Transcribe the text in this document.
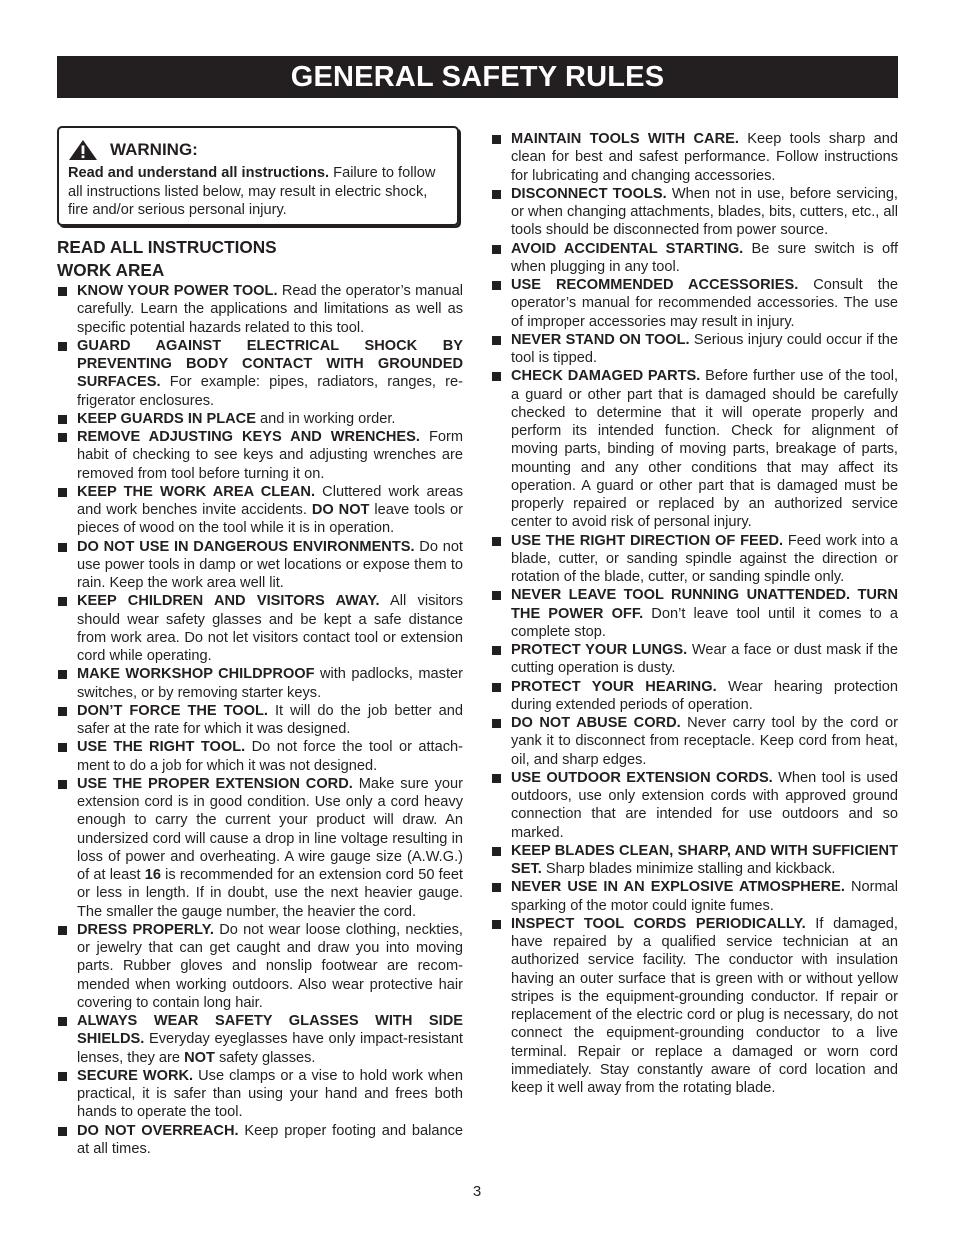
GENERAL SAFETY RULES
WARNING:
Read and understand all instructions. Failure to follow all instructions listed below, may result in electric shock, fire and/or serious personal injury.
READ ALL INSTRUCTIONS
WORK AREA
KNOW YOUR POWER TOOL. Read the operator’s manual carefully. Learn the applications and limitations as well as specific potential hazards related to this tool.
GUARD AGAINST ELECTRICAL SHOCK BY PREVENTING BODY CONTACT WITH GROUNDED SURFACES. For example: pipes, radiators, ranges, refrigerator enclosures.
KEEP GUARDS IN PLACE and in working order.
REMOVE ADJUSTING KEYS AND WRENCHES. Form habit of checking to see keys and adjusting wrenches are removed from tool before turning it on.
KEEP THE WORK AREA CLEAN. Cluttered work areas and work benches invite accidents. DO NOT leave tools or pieces of wood on the tool while it is in operation.
DO NOT USE IN DANGEROUS ENVIRONMENTS. Do not use power tools in damp or wet locations or expose them to rain. Keep the work area well lit.
KEEP CHILDREN AND VISITORS AWAY. All visitors should wear safety glasses and be kept a safe distance from work area. Do not let visitors contact tool or extension cord while operating.
MAKE WORKSHOP CHILDPROOF with padlocks, master switches, or by removing starter keys.
DON’T FORCE THE TOOL. It will do the job better and safer at the rate for which it was designed.
USE THE RIGHT TOOL. Do not force the tool or attachment to do a job for which it was not designed.
USE THE PROPER EXTENSION CORD. Make sure your extension cord is in good condition. Use only a cord heavy enough to carry the current your product will draw. An undersized cord will cause a drop in line voltage resulting in loss of power and overheating. A wire gauge size (A.W.G.) of at least 16 is recommended for an extension cord 50 feet or less in length. If in doubt, use the next heavier gauge. The smaller the gauge number, the heavier the cord.
DRESS PROPERLY. Do not wear loose clothing, neckties, or jewelry that can get caught and draw you into moving parts. Rubber gloves and nonslip footwear are recommended when working outdoors. Also wear protective hair covering to contain long hair.
ALWAYS WEAR SAFETY GLASSES WITH SIDE SHIELDS. Everyday eyeglasses have only impact-resistant lenses, they are NOT safety glasses.
SECURE WORK. Use clamps or a vise to hold work when practical, it is safer than using your hand and frees both hands to operate the tool.
DO NOT OVERREACH. Keep proper footing and balance at all times.
MAINTAIN TOOLS WITH CARE. Keep tools sharp and clean for best and safest performance. Follow instructions for lubricating and changing accessories.
DISCONNECT TOOLS. When not in use, before servicing, or when changing attachments, blades, bits, cutters, etc., all tools should be disconnected from power source.
AVOID ACCIDENTAL STARTING. Be sure switch is off when plugging in any tool.
USE RECOMMENDED ACCESSORIES. Consult the operator’s manual for recommended accessories. The use of improper accessories may result in injury.
NEVER STAND ON TOOL. Serious injury could occur if the tool is tipped.
CHECK DAMAGED PARTS. Before further use of the tool, a guard or other part that is damaged should be carefully checked to determine that it will operate properly and perform its intended function. Check for alignment of moving parts, binding of moving parts, breakage of parts, mounting and any other conditions that may affect its operation. A guard or other part that is damaged must be properly repaired or replaced by an authorized service center to avoid risk of personal injury.
USE THE RIGHT DIRECTION OF FEED. Feed work into a blade, cutter, or sanding spindle against the direction or rotation of the blade, cutter, or sanding spindle only.
NEVER LEAVE TOOL RUNNING UNATTENDED. TURN THE POWER OFF. Don’t leave tool until it comes to a complete stop.
PROTECT YOUR LUNGS. Wear a face or dust mask if the cutting operation is dusty.
PROTECT YOUR HEARING. Wear hearing protection during extended periods of operation.
DO NOT ABUSE CORD. Never carry tool by the cord or yank it to disconnect from receptacle. Keep cord from heat, oil, and sharp edges.
USE OUTDOOR EXTENSION CORDS. When tool is used outdoors, use only extension cords with approved ground connection that are intended for use outdoors and so marked.
KEEP BLADES CLEAN, SHARP, AND WITH SUFFICIENT SET. Sharp blades minimize stalling and kickback.
NEVER USE IN AN EXPLOSIVE ATMOSPHERE. Normal sparking of the motor could ignite fumes.
INSPECT TOOL CORDS PERIODICALLY. If damaged, have repaired by a qualified service technician at an authorized service facility. The conductor with insulation having an outer surface that is green with or without yellow stripes is the equipment-grounding conductor. If repair or replacement of the electric cord or plug is necessary, do not connect the equipment-grounding conductor to a live terminal. Repair or replace a damaged or worn cord immediately. Stay constantly aware of cord location and keep it well away from the rotating blade.
3
